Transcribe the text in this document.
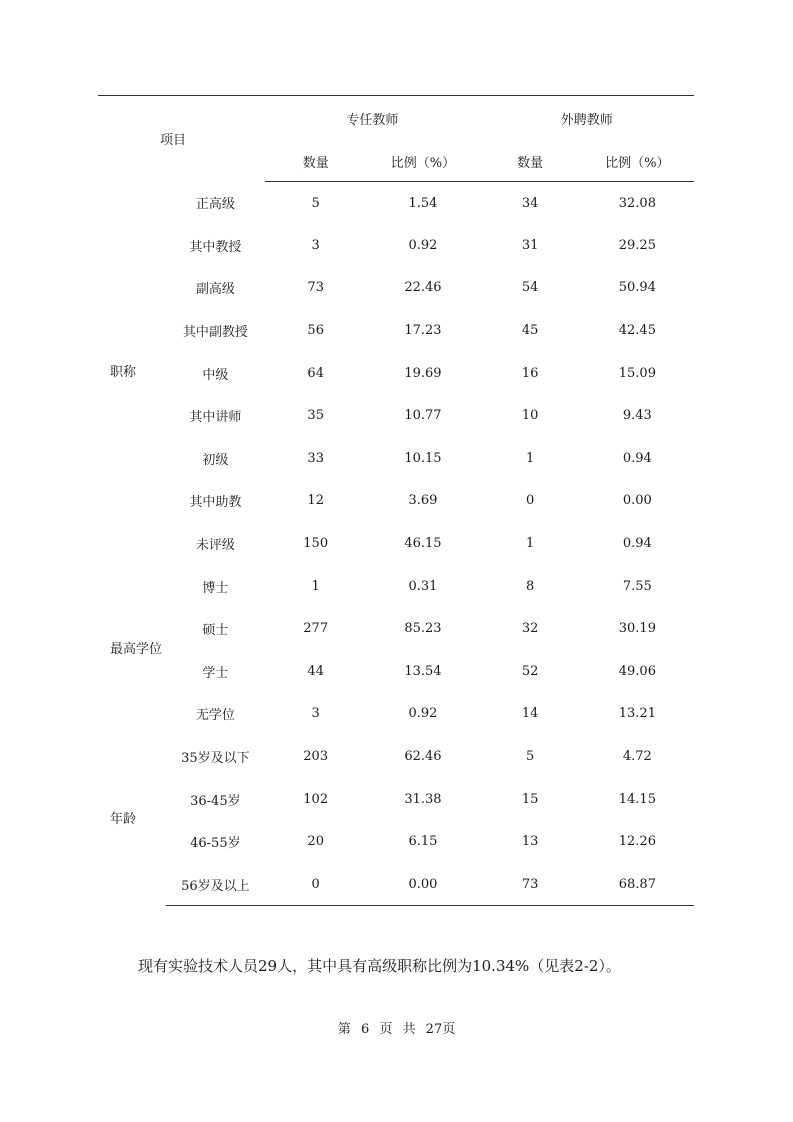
项目		专任教师		外聘教师	
		数量	比例（%）	数量	比例（%）
职称	正高级	5	1.54	34	32.08
	其中教授	3	0.92	31	29.25
	副高级	73	22.46	54	50.94
	其中副教授	56	17.23	45	42.45
	中级	64	19.69	16	15.09
	其中讲师	35	10.77	10	9.43
	初级	33	10.15	1	0.94
	其中助教	12	3.69	0	0.00
	未评级	150	46.15	1	0.94
最高学位	博士	1	0.31	8	7.55
	硕士	277	85.23	32	30.19
	学士	44	13.54	52	49.06
	无学位	3	0.92	14	13.21
年龄	35岁及以下	203	62.46	5	4.72
	36-45岁	102	31.38	15	14.15
	46-55岁	20	6.15	13	12.26
	56岁及以上	0	0.00	73	68.87
现有实验技术人员29人，其中具有高级职称比例为10.34%（见表2-2）。
第 6 页 共 27页
